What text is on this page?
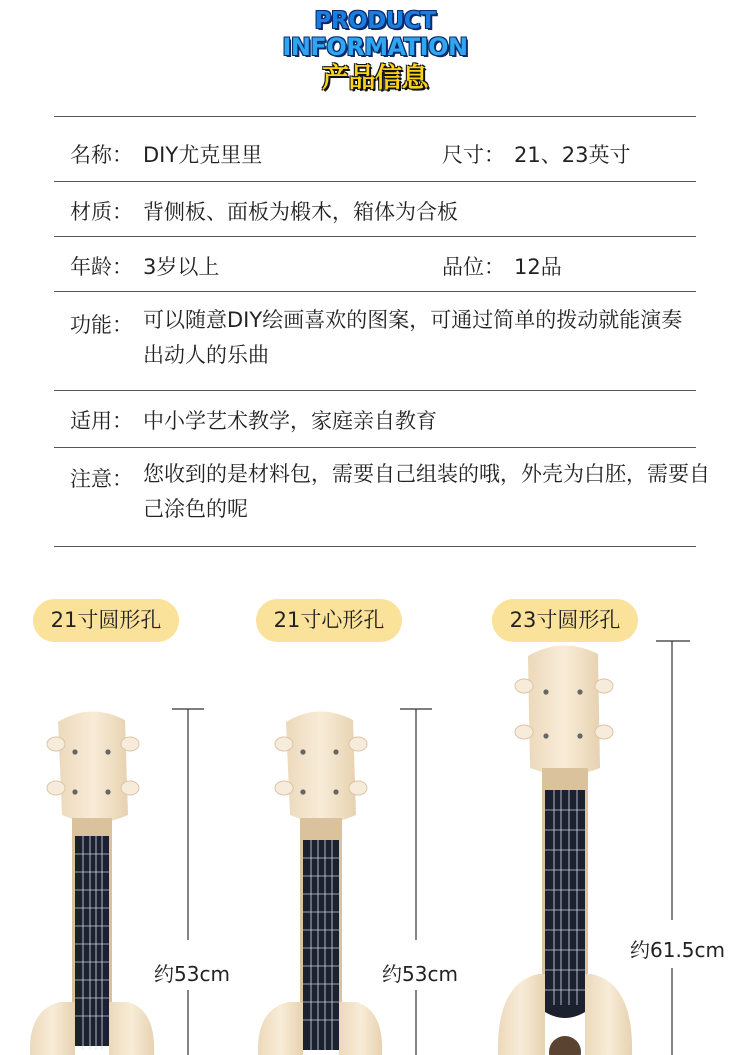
PRODUCT
INFORMATION
产品信息
名称： DIY尤克里里	尺寸： 21、23英寸
材质： 背侧板、面板为椴木，箱体为合板
年龄： 3岁以上	品位： 12品
功能： 可以随意DIY绘画喜欢的图案，可通过简单的拨动就能演奏出动人的乐曲
适用： 中小学艺术教学，家庭亲自教育
注意： 您收到的是材料包，需要自己组装的哦，外壳为白胚，需要自己涂色的呢
21寸圆形孔	21寸心形孔	23寸圆形孔
约53cm	约53cm
约61.5cm
